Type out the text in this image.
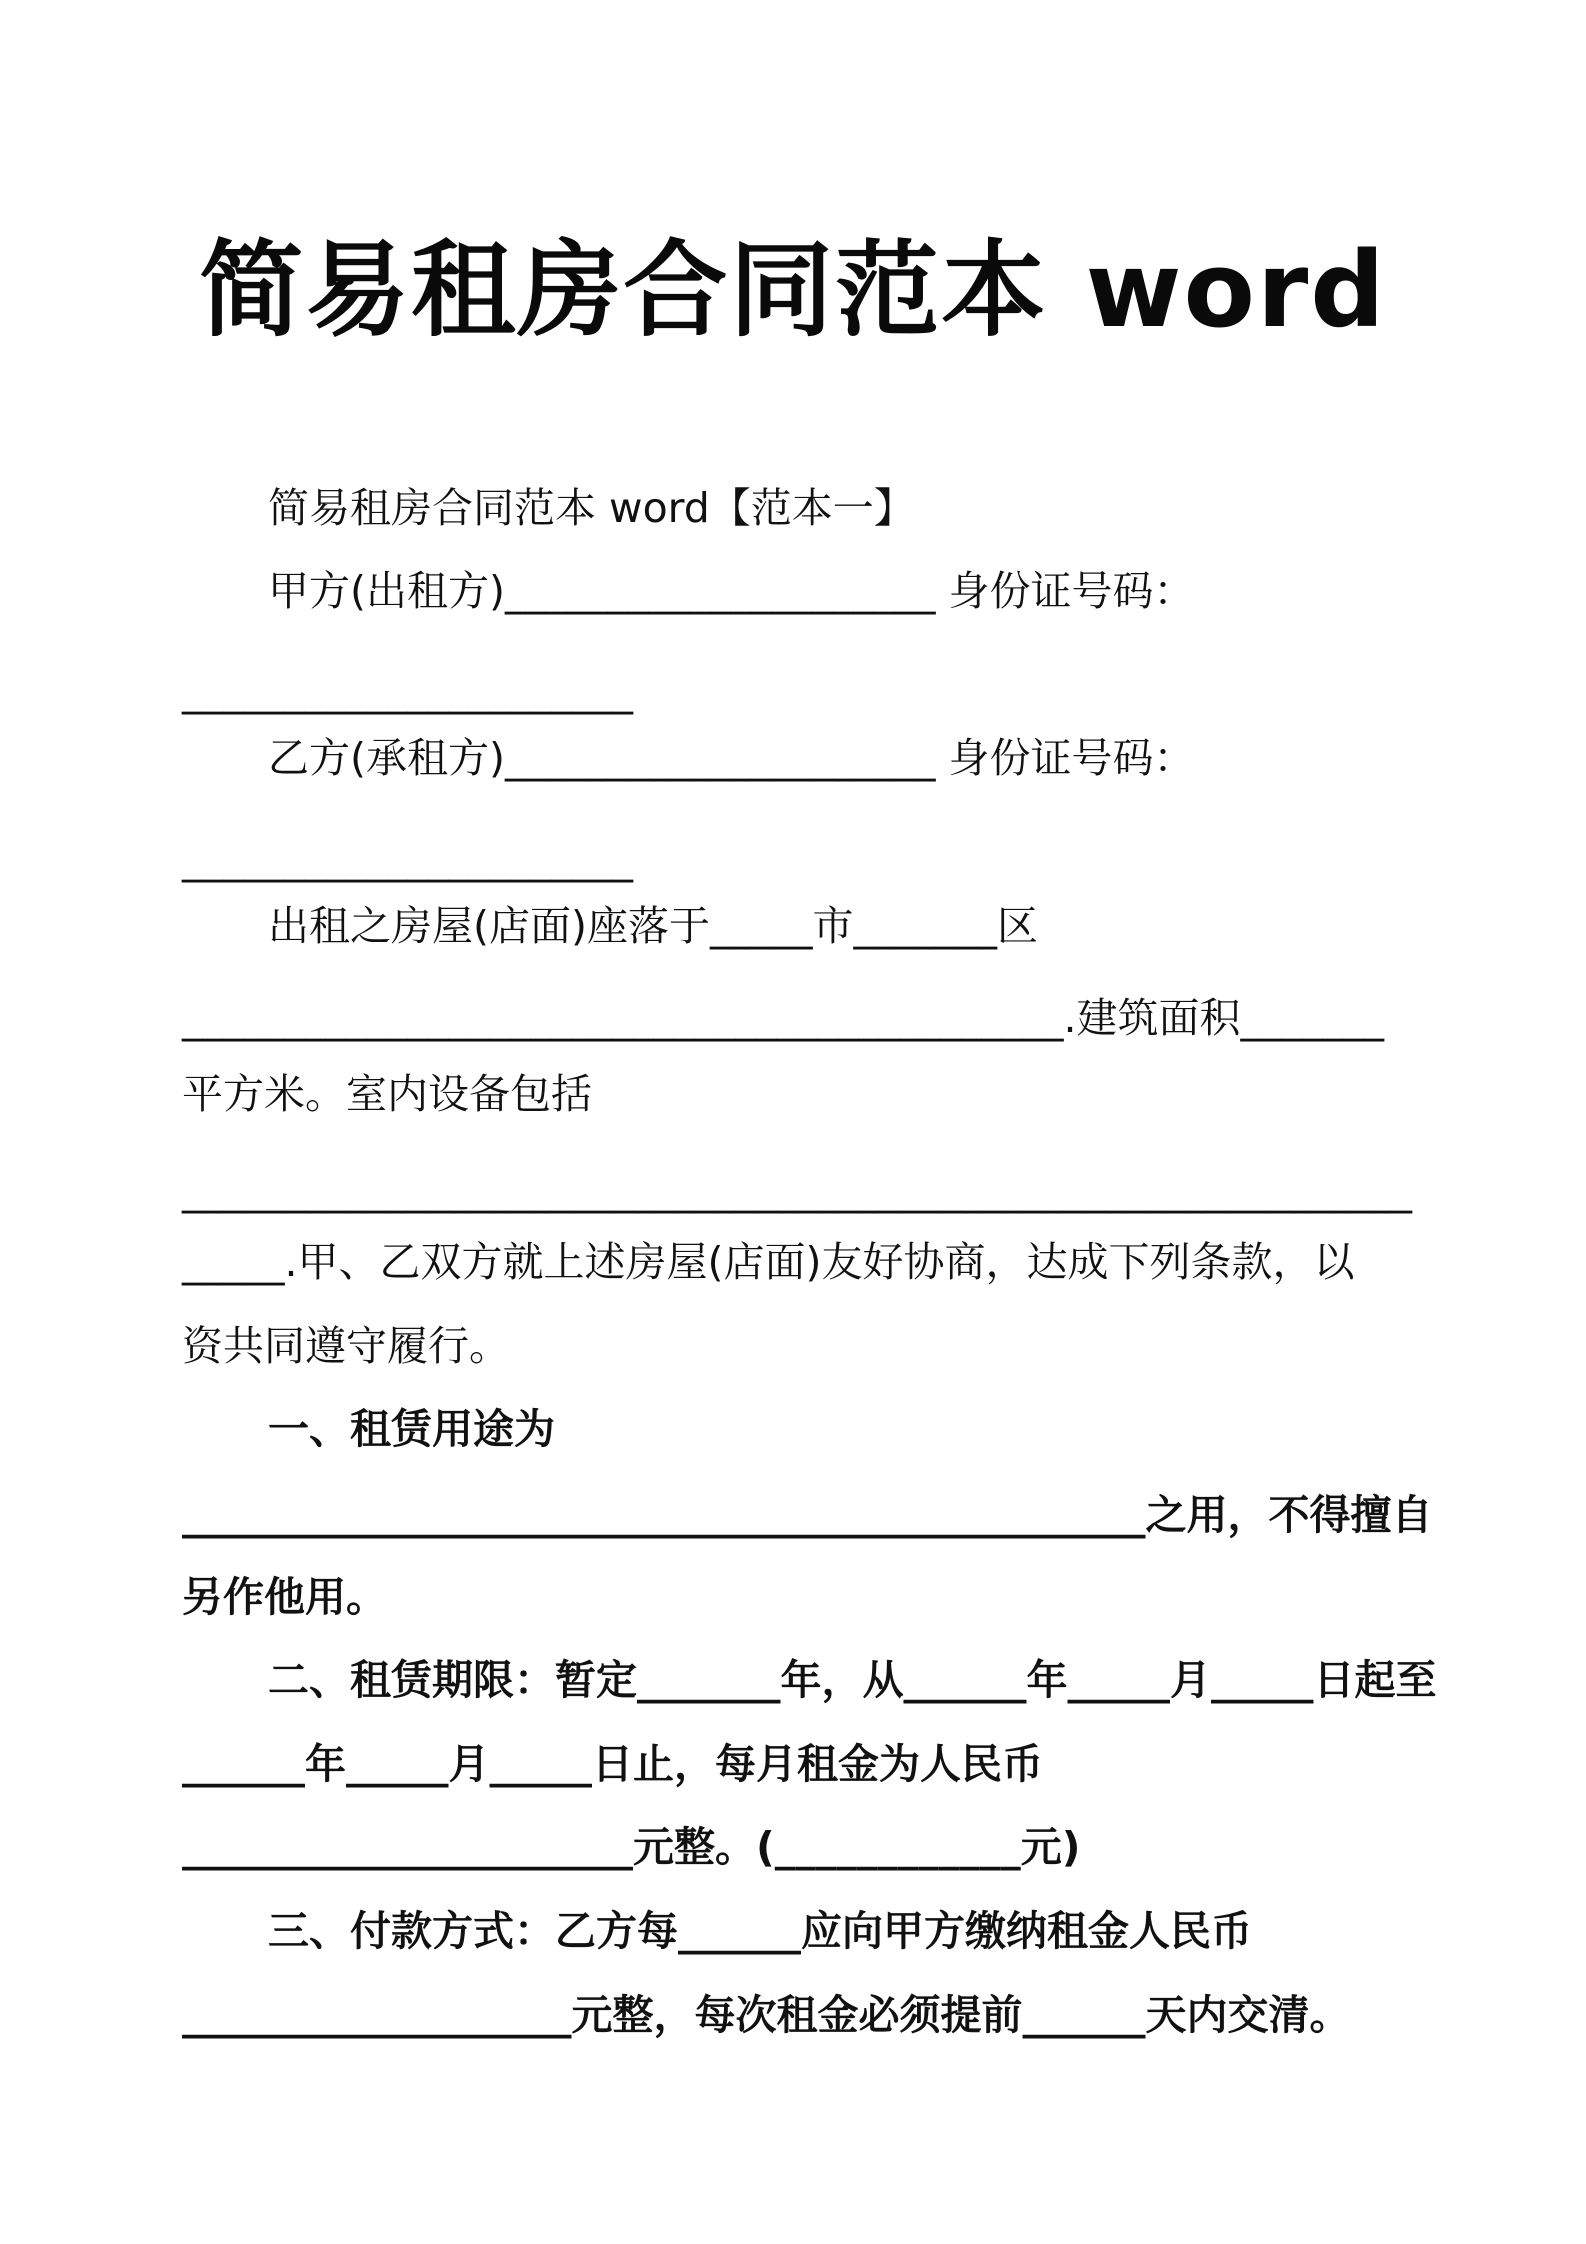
简易租房合同范本 word
简易租房合同范本 word【范本一】
甲方(出租方)_____________________ 身份证号码：
______________________
乙方(承租方)_____________________ 身份证号码：
______________________
出租之房屋(店面)座落于_____市_______区
___________________________________________.建筑面积_______
平方米。室内设备包括
____________________________________________________________
_____.甲、乙双方就上述房屋(店面)友好协商，达成下列条款，以
资共同遵守履行。
一、租赁用途为
_______________________________________________之用，不得擅自
另作他用。
二、租赁期限：暂定_______年，从______年_____月_____日起至
______年_____月_____日止，每月租金为人民币
______________________元整。(____________元)
三、付款方式：乙方每______应向甲方缴纳租金人民币
___________________元整，每次租金必须提前______天内交清。
